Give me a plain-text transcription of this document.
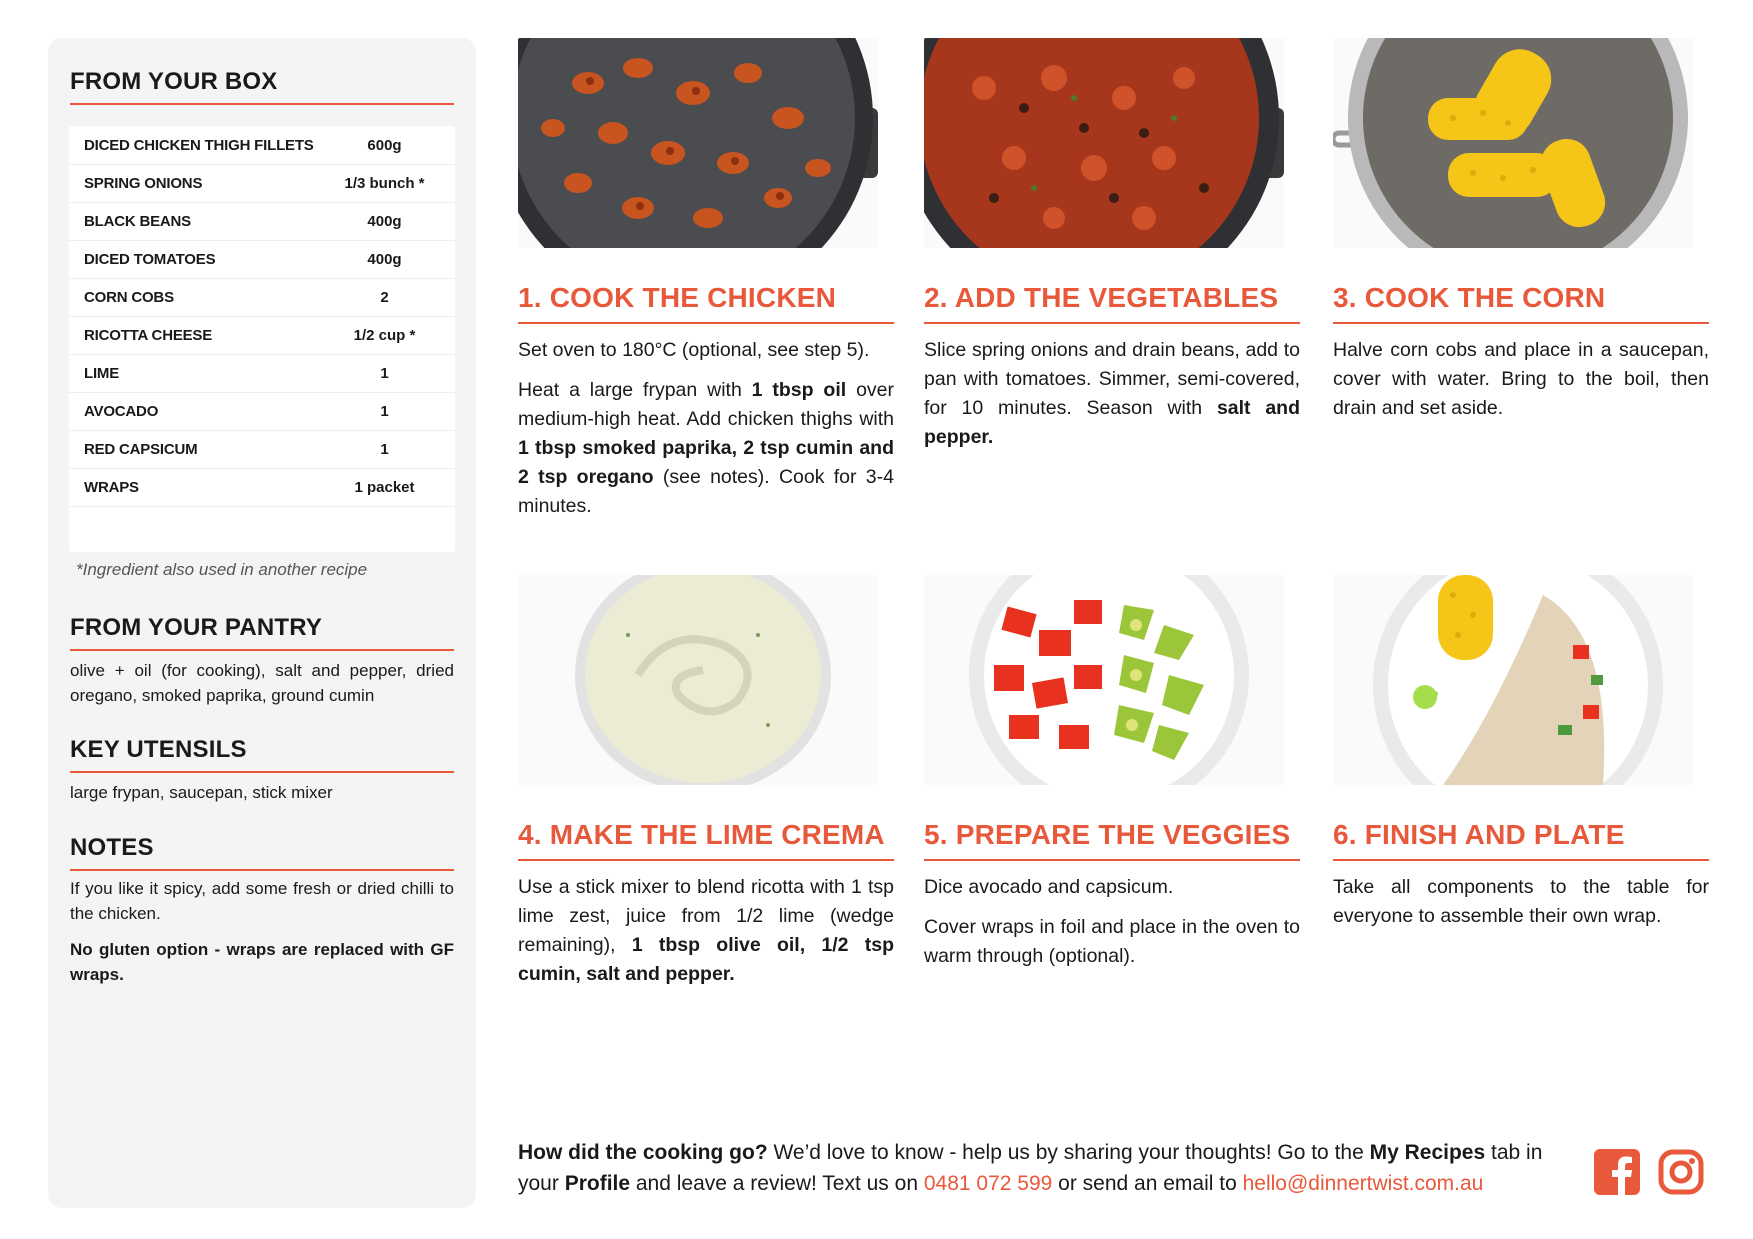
FROM YOUR BOX
DICED CHICKEN THIGH FILLETS	600g
SPRING ONIONS	1/3 bunch *
BLACK BEANS	400g
DICED TOMATOES	400g
CORN COBS	2
RICOTTA CHEESE	1/2 cup *
LIME	1
AVOCADO	1
RED CAPSICUM	1
WRAPS	1 packet
*Ingredient also used in another recipe
FROM YOUR PANTRY
olive + oil (for cooking), salt and pepper, dried oregano, smoked paprika, ground cumin
KEY UTENSILS
large frypan, saucepan, stick mixer
NOTES
If you like it spicy, add some fresh or dried chilli to the chicken.
No gluten option - wraps are replaced with GF wraps.
1. COOK THE CHICKEN

Set oven to 180°C (optional, see step 5).

Heat a large frypan with 1 tbsp oil over medium-high heat. Add chicken thighs with 1 tbsp smoked paprika, 2 tsp cumin and 2 tsp oregano (see notes). Cook for 3-4 minutes.

2. ADD THE VEGETABLES

Slice spring onions and drain beans, add to pan with tomatoes. Simmer, semi-covered, for 10 minutes. Season with salt and pepper.

3. COOK THE CORN

Halve corn cobs and place in a saucepan, cover with water. Bring to the boil, then drain and set aside.

4. MAKE THE LIME CREMA

Use a stick mixer to blend ricotta with 1 tsp lime zest, juice from 1/2 lime (wedge remaining), 1 tbsp olive oil, 1/2 tsp cumin, salt and pepper.

5. PREPARE THE VEGGIES

Dice avocado and capsicum.

Cover wraps in foil and place in the oven to warm through (optional).

6. FINISH AND PLATE

Take all components to the table for everyone to assemble their own wrap.

How did the cooking go? We’d love to know - help us by sharing your thoughts! Go to the My Recipes tab in your Profile and leave a review! Text us on 0481 072 599 or send an email to hello@dinnertwist.com.au
